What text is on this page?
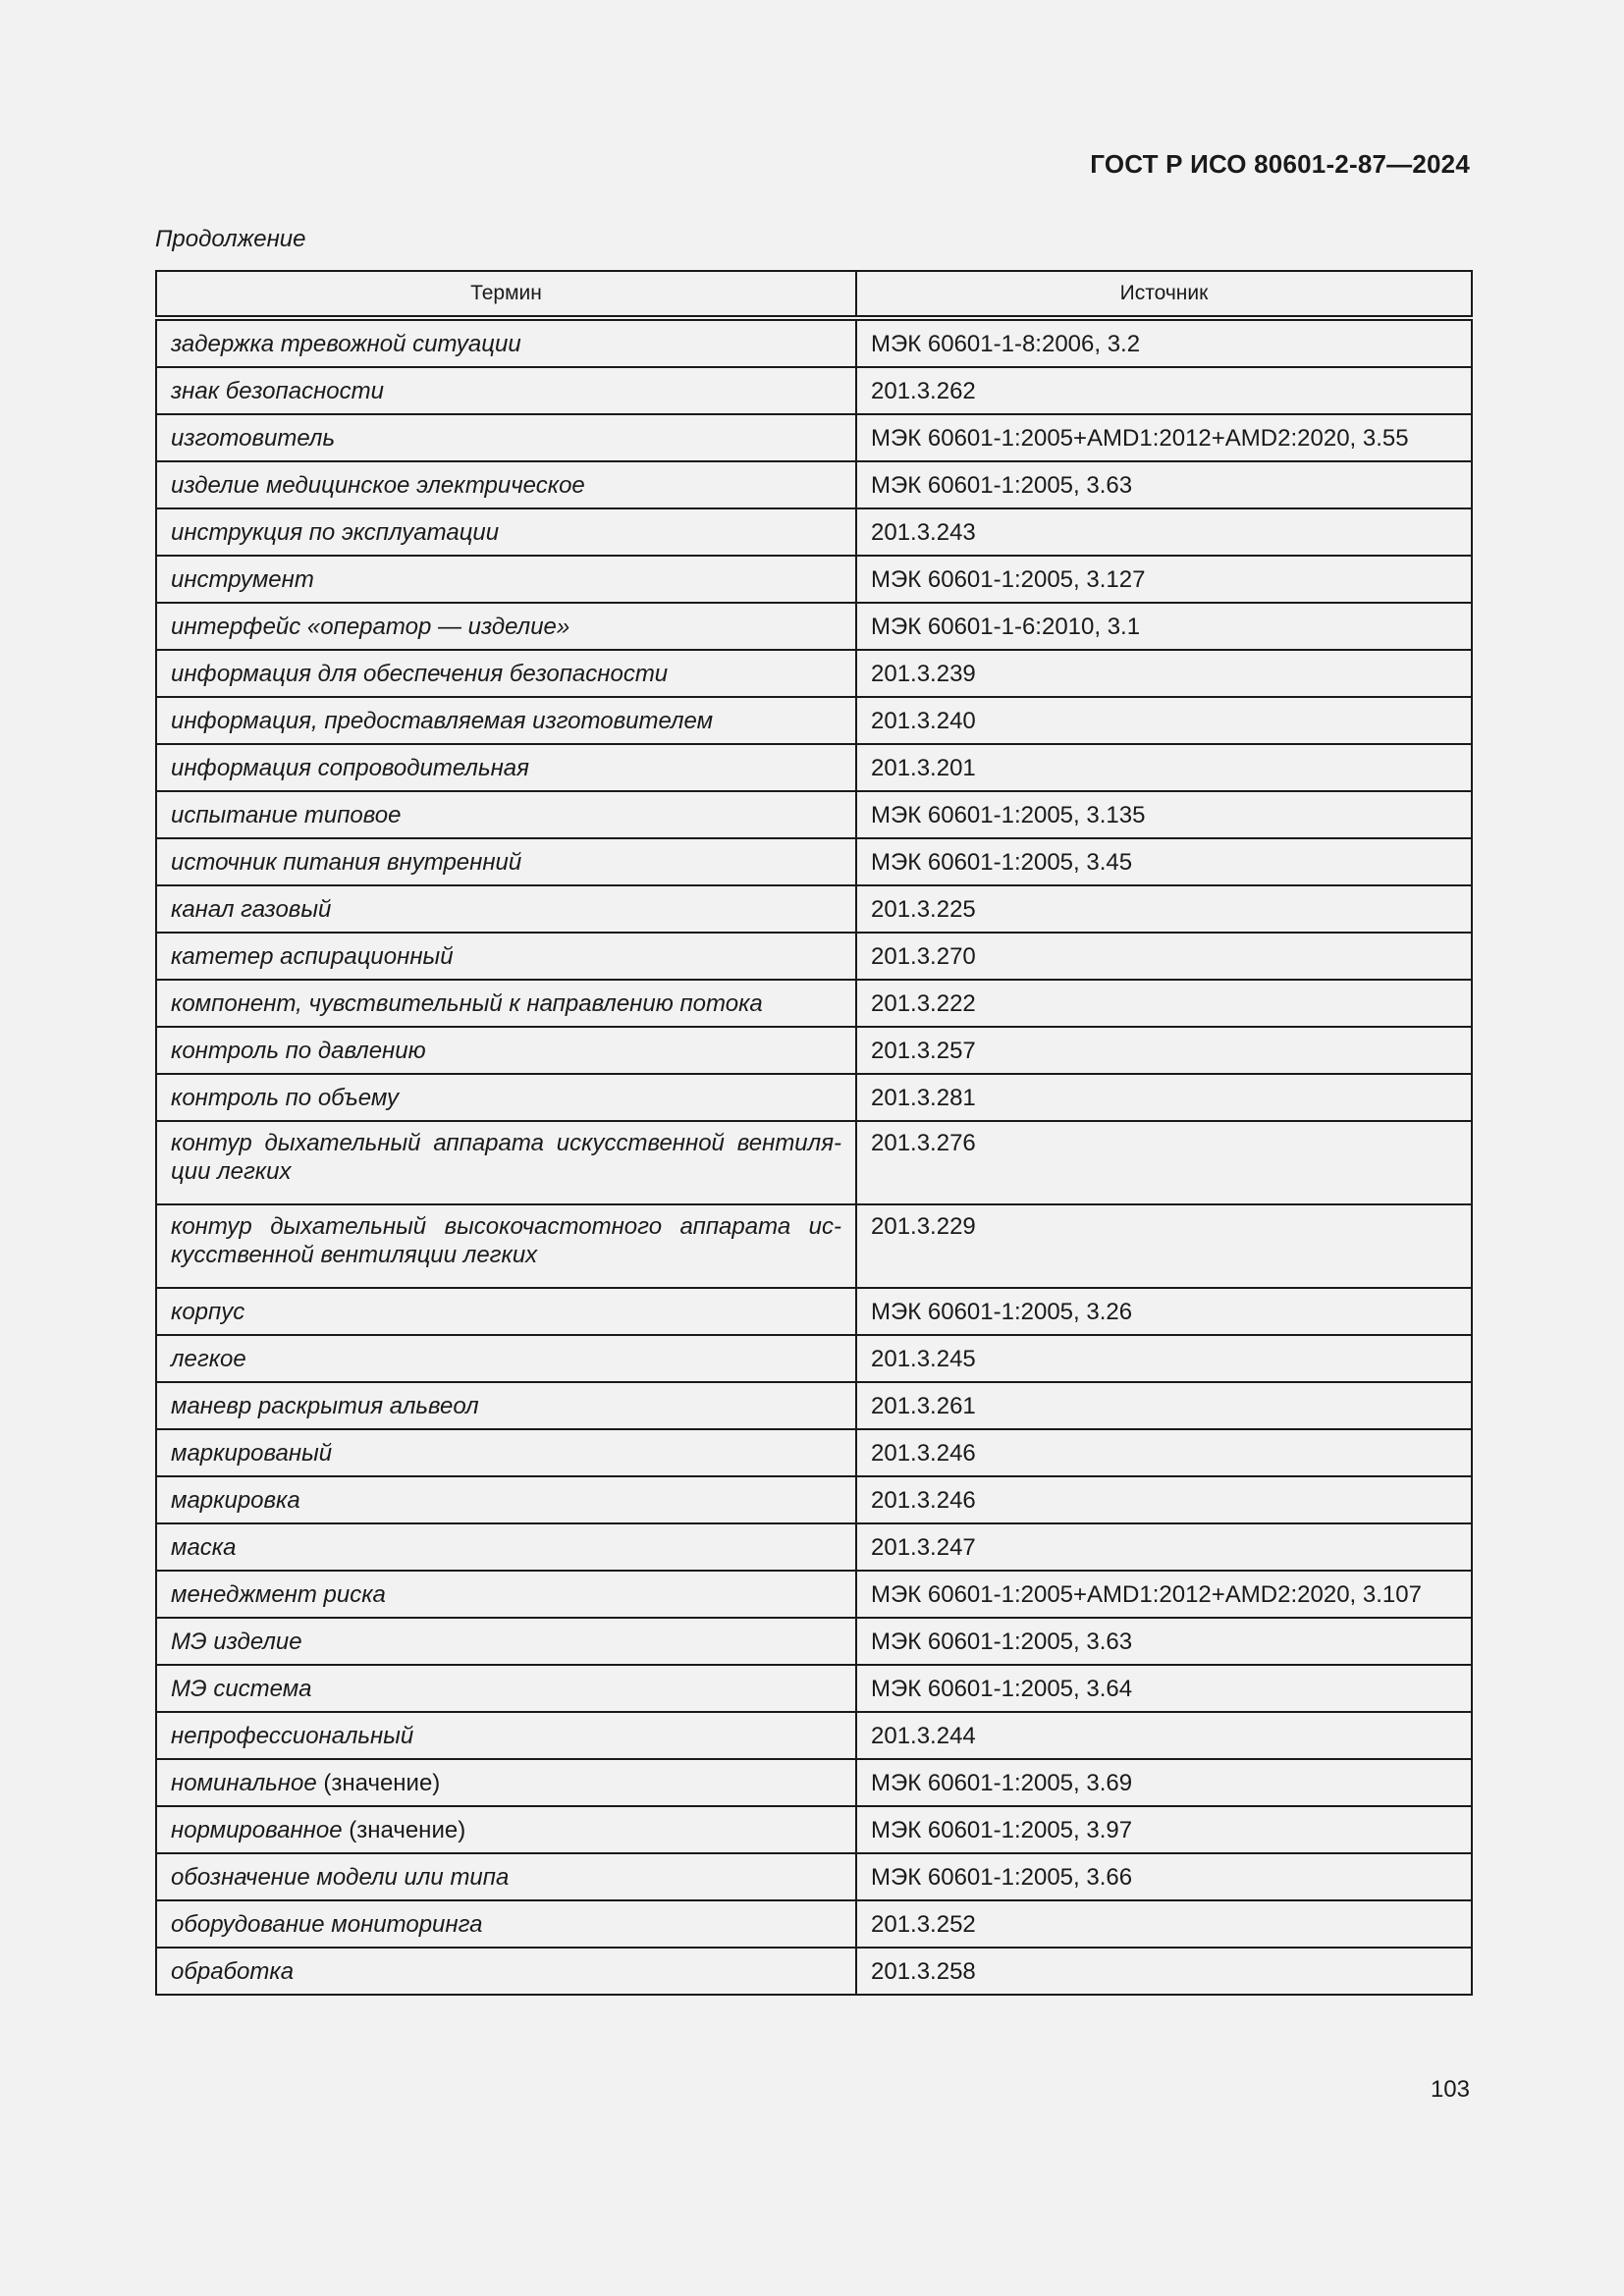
ГОСТ Р ИСО 80601-2-87—2024
Продолжение
Термин	Источник
задержка тревожной ситуации	МЭК 60601-1-8:2006, 3.2
знак безопасности	201.3.262
изготовитель	МЭК 60601-1:2005+AMD1:2012+AMD2:2020, 3.55
изделие медицинское электрическое	МЭК 60601-1:2005, 3.63
инструкция по эксплуатации	201.3.243
инструмент	МЭК 60601-1:2005, 3.127
интерфейс «оператор — изделие»	МЭК 60601-1-6:2010, 3.1
информация для обеспечения безопасности	201.3.239
информация, предоставляемая изготовителем	201.3.240
информация сопроводительная	201.3.201
испытание типовое	МЭК 60601-1:2005, 3.135
источник питания внутренний	МЭК 60601-1:2005, 3.45
канал газовый	201.3.225
катетер аспирационный	201.3.270
компонент, чувствительный к направлению потока	201.3.222
контроль по давлению	201.3.257
контроль по объему	201.3.281
контур дыхательный аппарата искусственной вентиля-ции легких	201.3.276
контур дыхательный высокочастотного аппарата ис-кусственной вентиляции легких	201.3.229
корпус	МЭК 60601-1:2005, 3.26
легкое	201.3.245
маневр раскрытия альвеол	201.3.261
маркированый	201.3.246
маркировка	201.3.246
маска	201.3.247
менеджмент риска	МЭК 60601-1:2005+AMD1:2012+AMD2:2020, 3.107
МЭ изделие	МЭК 60601-1:2005, 3.63
МЭ система	МЭК 60601-1:2005, 3.64
непрофессиональный	201.3.244
номинальное (значение)	МЭК 60601-1:2005, 3.69
нормированное (значение)	МЭК 60601-1:2005, 3.97
обозначение модели или типа	МЭК 60601-1:2005, 3.66
оборудование мониторинга	201.3.252
обработка	201.3.258
103
